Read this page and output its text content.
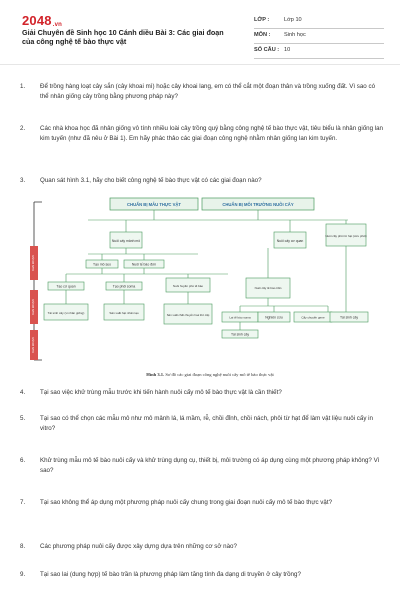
2048.vn
Giải Chuyên đề Sinh học 10 Cánh diều Bài 3: Các giai đoạn của công nghệ tế bào thực vật
LỚP :	Lớp 10
MÔN : Sinh học
SỐ CÂU : 10
1.	Để trồng hàng loạt cây sắn (cây khoai mì) hoặc cây khoai lang, em có thể cắt một đoạn thân và trồng xuống đất. Vì sao có thể nhân giống cây trồng bằng phương pháp này?
2.	Các nhà khoa học đã nhân giống vô tính nhiều loài cây trồng quý bằng công nghệ tế bào thực vật, tiêu biểu là nhân giống lan kim tuyến (như đã nêu ở Bài 1). Em hãy phác thảo các giai đoạn công nghệ nhằm nhân giống lan kim tuyến.
3.	Quan sát hình 3.1, hãy cho biết công nghệ tế bào thực vật có các giai đoạn nào?
GIAI ĐOẠN
GIAI ĐOẠN
GIAI ĐOẠN
CHUẨN BỊ MẪU THỰC VẬT	CHUẨN BỊ MÔI TRƯỜNG NUÔI CẤY
Nuôi cấy mảnh mô	Nuôi cấy cơ quan
Nuôi cấy phôi từ hạt (cứu phôi)
Tạo mô sẹo	Nuôi tế bào đơn
Tạo cơ quan	Tạo phôi soma	Nuôi huyền phù tế bào	Nuôi cấy tế bào trần
Tái sinh cây (vi nhân giống)	Sản xuất hạt nhân tạo	Sản xuất chất chuyển hoá thứ cấp
Lai tế bào soma	Nghiên cứu	Cấy chuyển gene	Tái sinh cây
Tái sinh cây
Hình 3.1. Sơ đồ các giai đoạn công nghệ nuôi cấy mô tế bào thực vật
4.	Tại sao việc khử trùng mẫu trước khi tiến hành nuôi cấy mô tế bào thực vật là cần thiết?
5.	Tại sao có thể chọn các mẫu mô như mô mảnh lá, lá mầm, rễ, chồi đỉnh, chồi nách, phôi từ hạt để làm vật liệu nuôi cấy in vitro?
6.	Khử trùng mẫu mô tế bào nuôi cấy và khử trùng dụng cụ, thiết bị, môi trường có áp dụng cùng một phương pháp không? Vì sao?
7.	Tại sao không thể áp dụng một phương pháp nuôi cấy chung trong giai đoạn nuôi cấy mô tế bào thực vật?
8.	Các phương pháp nuôi cấy được xây dựng dựa trên những cơ sở nào?
9.	Tại sao lai (dung hợp) tế bào trần là phương pháp làm tăng tính đa dạng di truyền ở cây trồng?
